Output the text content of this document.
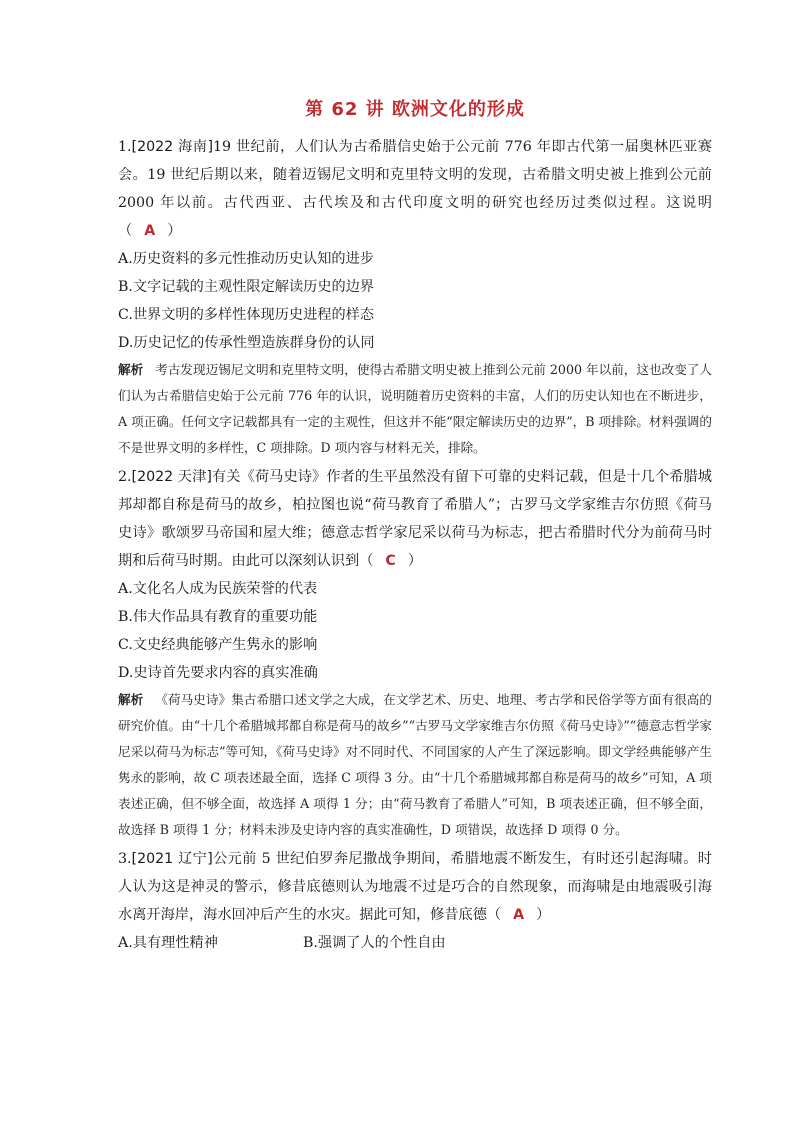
第 62 讲 欧洲文化的形成

1.[2022 海南]19 世纪前，人们认为古希腊信史始于公元前 776 年即古代第一届奥林匹亚赛会。19 世纪后期以来，随着迈锡尼文明和克里特文明的发现，古希腊文明史被上推到公元前 2000 年以前。古代西亚、古代埃及和古代印度文明的研究也经历过类似过程。这说明（ A ）

A.历史资料的多元性推动历史认知的进步

B.文字记载的主观性限定解读历史的边界

C.世界文明的多样性体现历史进程的样态

D.历史记忆的传承性塑造族群身份的认同

解析 考古发现迈锡尼文明和克里特文明，使得古希腊文明史被上推到公元前 2000 年以前，这也改变了人们认为古希腊信史始于公元前 776 年的认识，说明随着历史资料的丰富，人们的历史认知也在不断进步，A 项正确。任何文字记载都具有一定的主观性，但这并不能“限定解读历史的边界”，B 项排除。材料强调的不是世界文明的多样性，C 项排除。D 项内容与材料无关，排除。

2.[2022 天津]有关《荷马史诗》作者的生平虽然没有留下可靠的史料记载，但是十几个希腊城邦却都自称是荷马的故乡，柏拉图也说“荷马教育了希腊人”；古罗马文学家维吉尔仿照《荷马史诗》歌颂罗马帝国和屋大维；德意志哲学家尼采以荷马为标志，把古希腊时代分为前荷马时期和后荷马时期。由此可以深刻认识到（ C ）

A.文化名人成为民族荣誉的代表

B.伟大作品具有教育的重要功能

C.文史经典能够产生隽永的影响

D.史诗首先要求内容的真实准确

解析 《荷马史诗》集古希腊口述文学之大成，在文学艺术、历史、地理、考古学和民俗学等方面有很高的研究价值。由“十几个希腊城邦都自称是荷马的故乡”“古罗马文学家维吉尔仿照《荷马史诗》”“德意志哲学家尼采以荷马为标志”等可知，《荷马史诗》对不同时代、不同国家的人产生了深远影响。即文学经典能够产生隽永的影响，故 C 项表述最全面，选择 C 项得 3 分。由“十几个希腊城邦都自称是荷马的故乡”可知，A 项表述正确，但不够全面，故选择 A 项得 1 分；由“荷马教育了希腊人”可知，B 项表述正确，但不够全面，故选择 B 项得 1 分；材料未涉及史诗内容的真实准确性，D 项错误，故选择 D 项得 0 分。

3.[2021 辽宁]公元前 5 世纪伯罗奔尼撒战争期间，希腊地震不断发生，有时还引起海啸。时人认为这是神灵的警示，修昔底德则认为地震不过是巧合的自然现象，而海啸是由地震吸引海水离开海岸，海水回冲后产生的水灾。据此可知，修昔底德（ A ）

A.具有理性精神	B.强调了人的个性自由
